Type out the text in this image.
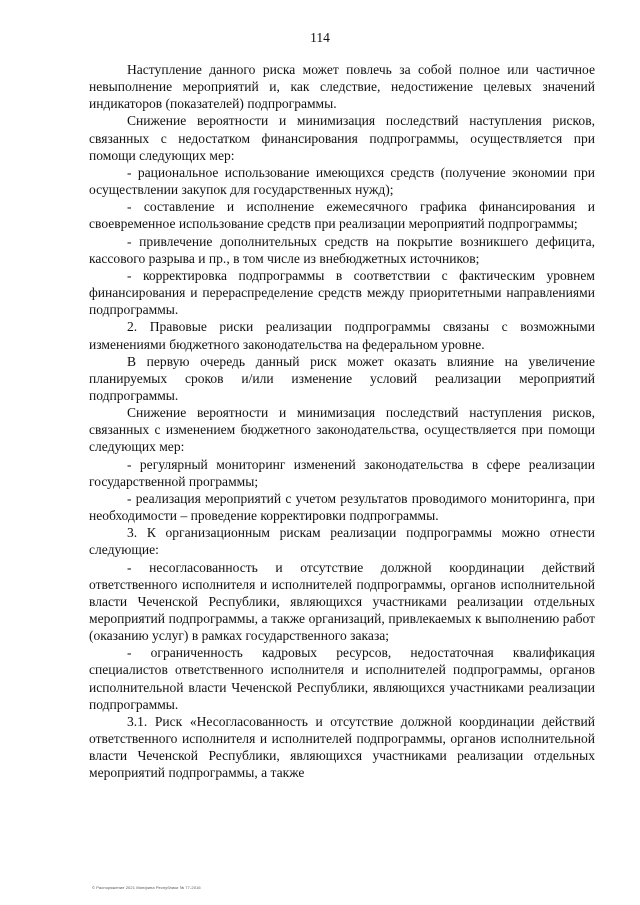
114

Наступление данного риска может повлечь за собой полное или частичное невыполнение мероприятий и, как следствие, недостижение целевых значений индикаторов (показателей) подпрограммы.

Снижение вероятности и минимизация последствий наступления рисков, связанных с недостатком финансирования подпрограммы, осуществляется при помощи следующих мер:

- рациональное использование имеющихся средств (получение экономии при осуществлении закупок для государственных нужд);

- составление и исполнение ежемесячного графика финансирования и своевременное использование средств при реализации мероприятий подпрограммы;

- привлечение дополнительных средств на покрытие возникшего дефицита, кассового разрыва и пр., в том числе из внебюджетных источников;

- корректировка подпрограммы в соответствии с фактическим уровнем финансирования и перераспределение средств между приоритетными направлениями подпрограммы.

2. Правовые риски реализации подпрограммы связаны с возможными изменениями бюджетного законодательства на федеральном уровне.

В первую очередь данный риск может оказать влияние на увеличение планируемых сроков и/или изменение условий реализации мероприятий подпрограммы.

Снижение вероятности и минимизация последствий наступления рисков, связанных с изменением бюджетного законодательства, осуществляется при помощи следующих мер:

- регулярный мониторинг изменений законодательства в сфере реализации государственной программы;

- реализация мероприятий с учетом результатов проводимого мониторинга, при необходимости – проведение корректировки подпрограммы.

3. К организационным рискам реализации подпрограммы можно отнести следующие:

- несогласованность и отсутствие должной координации действий ответственного исполнителя и исполнителей подпрограммы, органов исполнительной власти Чеченской Республики, являющихся участниками реализации отдельных мероприятий подпрограммы, а также организаций, привлекаемых к выполнению работ (оказанию услуг) в рамках государственного заказа;

- ограниченность кадровых ресурсов, недостаточная квалификация специалистов ответственного исполнителя и исполнителей подпрограммы, органов исполнительной власти Чеченской Республики, являющихся участниками реализации подпрограммы.

3.1. Риск «Несогласованность и отсутствие должной координации действий ответственного исполнителя и исполнителей подпрограммы, органов исполнительной власти Чеченской Республики, являющихся участниками реализации отдельных мероприятий подпрограммы, а также

© Распоряжение 2021 Минфина Республики № 77-2016
